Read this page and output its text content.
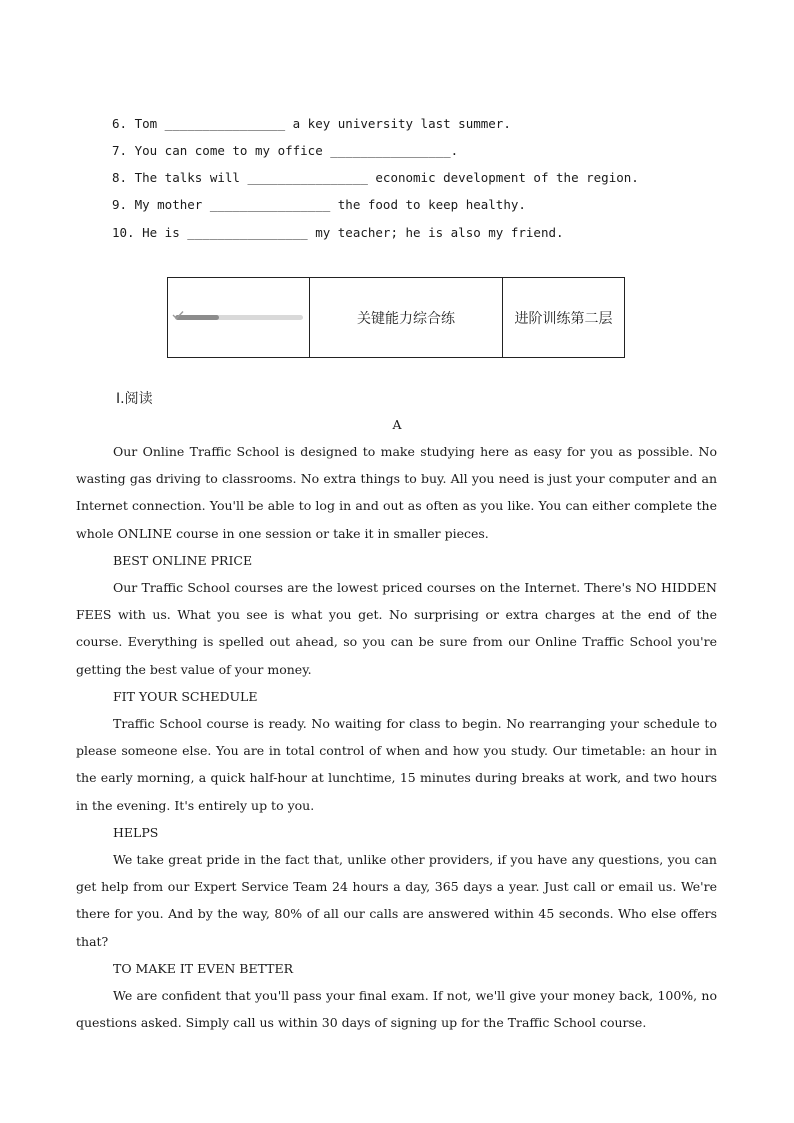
6. Tom ________________ a key university last summer.
7. You can come to my office ________________.
8. The talks will ________________ economic development of the region.
9. My mother ________________ the food to keep healthy.
10. He is ________________ my teacher; he is also my friend.
关键能力综合练	进阶训练第二层
Ⅰ.阅读
A

Our Online Traffic School is designed to make studying here as easy for you as possible. No wasting gas driving to classrooms. No extra things to buy. All you need is just your computer and an Internet connection. You'll be able to log in and out as often as you like. You can either complete the whole ONLINE course in one session or take it in smaller pieces.

BEST ONLINE PRICE

Our Traffic School courses are the lowest priced courses on the Internet. There's NO HIDDEN FEES with us. What you see is what you get. No surprising or extra charges at the end of the course. Everything is spelled out ahead, so you can be sure from our Online Traffic School you're getting the best value of your money.

FIT YOUR SCHEDULE

Traffic School course is ready. No waiting for class to begin. No rearranging your schedule to please someone else. You are in total control of when and how you study. Our timetable: an hour in the early morning, a quick half-hour at lunchtime, 15 minutes during breaks at work, and two hours in the evening. It's entirely up to you.

HELPS

We take great pride in the fact that, unlike other providers, if you have any questions, you can get help from our Expert Service Team 24 hours a day, 365 days a year. Just call or email us. We're there for you. And by the way, 80% of all our calls are answered within 45 seconds. Who else offers that?

TO MAKE IT EVEN BETTER

We are confident that you'll pass your final exam. If not, we'll give your money back, 100%, no questions asked. Simply call us within 30 days of signing up for the Traffic School course.
